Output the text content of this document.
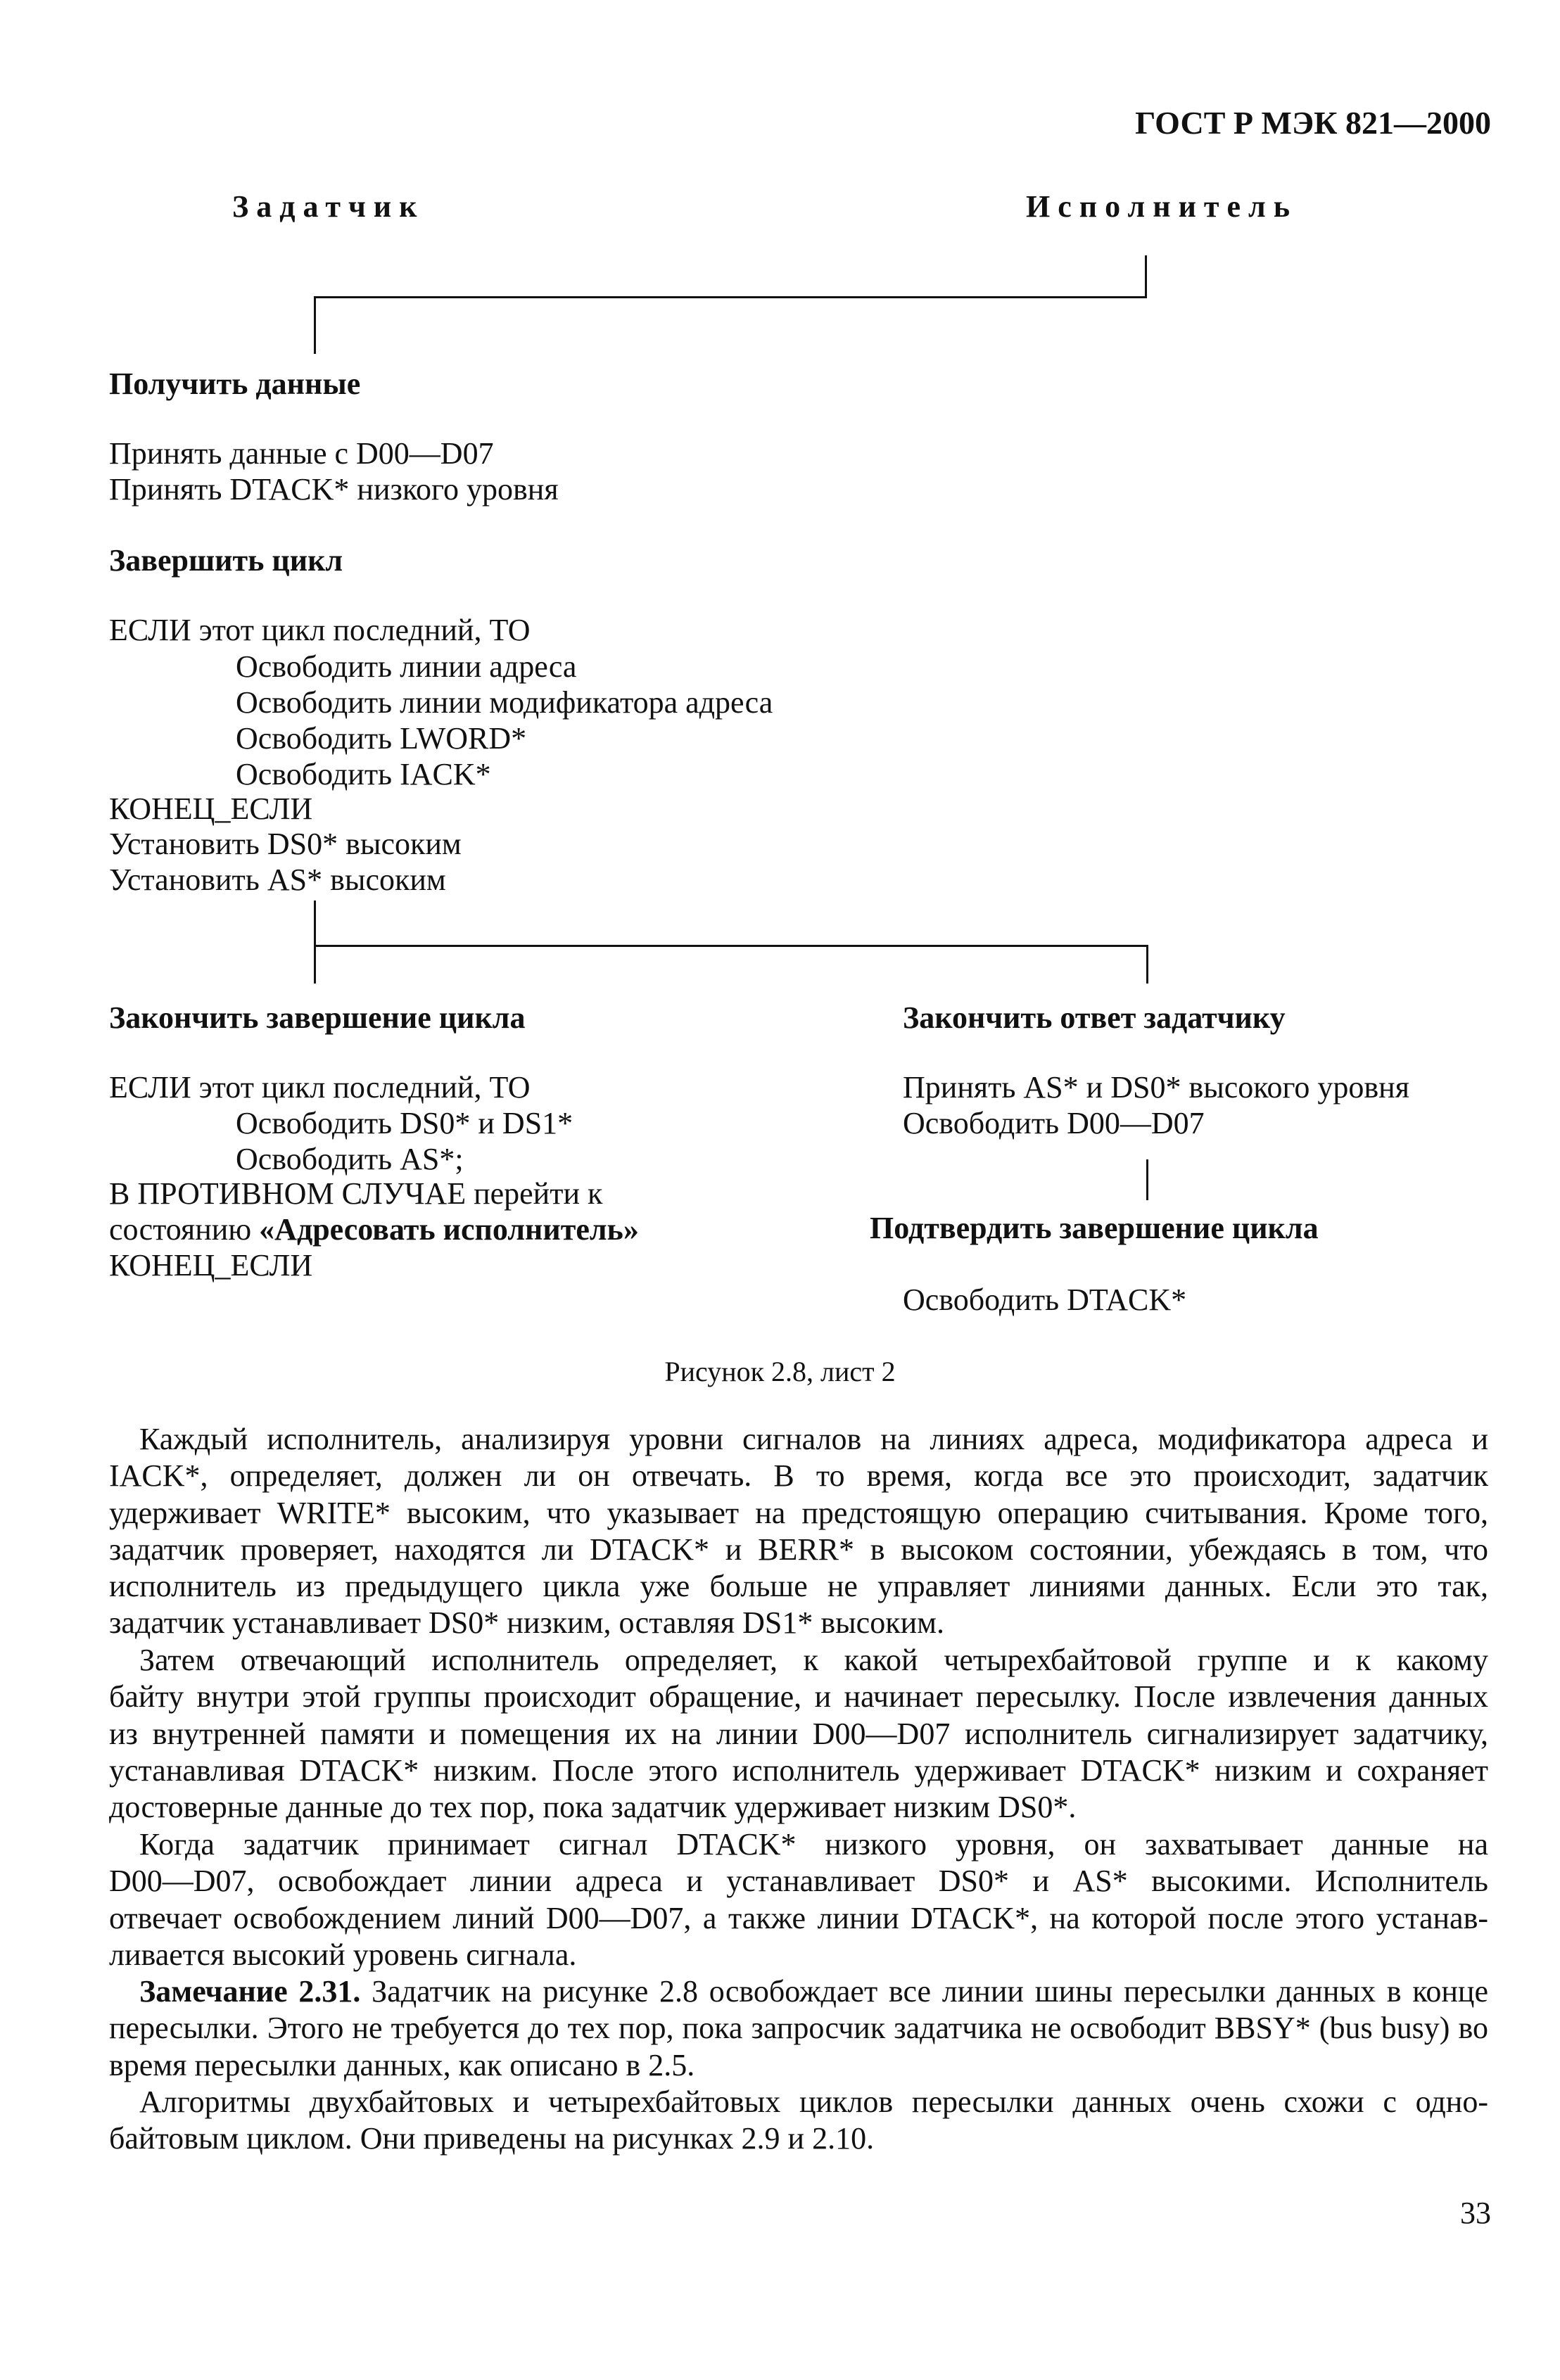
ГОСТ Р МЭК 821—2000
Задатчик	Исполнитель
Получить данные
Принять данные с D00—D07
Принять DTACK* низкого уровня
Завершить цикл
ЕСЛИ этот цикл последний, ТО
Освободить линии адреса
Освободить линии модификатора адреса
Освободить LWORD*
Освободить IACK*
КОНЕЦ_ЕСЛИ
Установить DS0* высоким
Установить AS* высоким
Закончить завершение цикла
ЕСЛИ этот цикл последний, ТО
Освободить DS0* и DS1*
Освободить AS*;
В ПРОТИВНОМ СЛУЧАЕ перейти к
состоянию «Адресовать исполнитель»
КОНЕЦ_ЕСЛИ
Закончить ответ задатчику
Принять AS* и DS0* высокого уровня
Освободить D00—D07
Подтвердить завершение цикла
Освободить DTACK*
Рисунок 2.8, лист 2

Каждый исполнитель, анализируя уровни сигналов на линиях адреса, модификатора адреса и

IACK*, определяет, должен ли он отвечать. В то время, когда все это происходит, задатчик

удерживает WRITE* высоким, что указывает на предстоящую операцию считывания. Кроме того,

задатчик проверяет, находятся ли DTACK* и BERR* в высоком состоянии, убеждаясь в том, что

исполнитель из предыдущего цикла уже больше не управляет линиями данных. Если это так,

задатчик устанавливает DS0* низким, оставляя DS1* высоким.

Затем отвечающий исполнитель определяет, к какой четырехбайтовой группе и к какому

байту внутри этой группы происходит обращение, и начинает пересылку. После извлечения данных

из внутренней памяти и помещения их на линии D00—D07 исполнитель сигнализирует задатчику,

устанавливая DTACK* низким. После этого исполнитель удерживает DTACK* низким и сохраняет

достоверные данные до тех пор, пока задатчик удерживает низким DS0*.

Когда задатчик принимает сигнал DTACK* низкого уровня, он захватывает данные на

D00—D07, освобождает линии адреса и устанавливает DS0* и AS* высокими. Исполнитель

отвечает освобождением линий D00—D07, а также линии DTACK*, на которой после этого устанав-

ливается высокий уровень сигнала.

Замечание 2.31. Задатчик на рисунке 2.8 освобождает все линии шины пересылки данных в конце

пересылки. Этого не требуется до тех пор, пока запросчик задатчика не освободит BBSY* (bus busy) во

время пересылки данных, как описано в 2.5.

Алгоритмы двухбайтовых и четырехбайтовых циклов пересылки данных очень схожи с одно-

байтовым циклом. Они приведены на рисунках 2.9 и 2.10.

33
